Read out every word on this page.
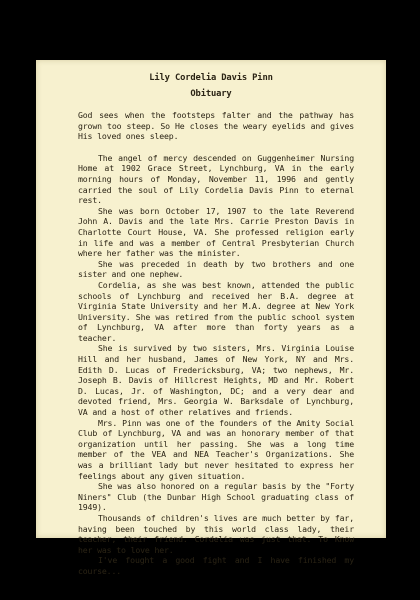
Lily Cordelia Davis Pinn
Obituary

God sees when the footsteps falter and the pathway has grown too steep. So He closes the weary eyelids and gives His loved ones sleep.

The angel of mercy descended on Guggenheimer Nursing Home at 1902 Grace Street, Lynchburg, VA in the early morning hours of Monday, November 11, 1996 and gently carried the soul of Lily Cordelia Davis Pinn to eternal rest.

She was born October 17, 1907 to the late Reverend John A. Davis and the late Mrs. Carrie Preston Davis in Charlotte Court House, VA. She professed religion early in life and was a member of Central Presbyterian Church where her father was the minister.

She was preceded in death by two brothers and one sister and one nephew.

Cordelia, as she was best known, attended the public schools of Lynchburg and received her B.A. degree at Virginia State University and her M.A. degree at New York University. She was retired from the public school system of Lynchburg, VA after more than forty years as a teacher.

She is survived by two sisters, Mrs. Virginia Louise Hill and her husband, James of New York, NY and Mrs. Edith D. Lucas of Fredericksburg, VA; two nephews, Mr. Joseph B. Davis of Hillcrest Heights, MD and Mr. Robert D. Lucas, Jr. of Washington, DC; and a very dear and devoted friend, Mrs. Georgia W. Barksdale of Lynchburg, VA and a host of other relatives and friends.

Mrs. Pinn was one of the founders of the Amity Social Club of Lynchburg, VA and was an honorary member of that organization until her passing. She was a long time member of the VEA and NEA Teacher's Organizations. She was a brilliant lady but never hesitated to express her feelings about any given situation.

She was also honored on a regular basis by the "Forty Niners" Club (the Dunbar High School graduating class of 1949).

Thousands of children's lives are much better by far, having been touched by this world class lady, their teacher, their friend. Cordelia was just that. To Know her was to love her.

I've fought a good fight and I have finished my course...
